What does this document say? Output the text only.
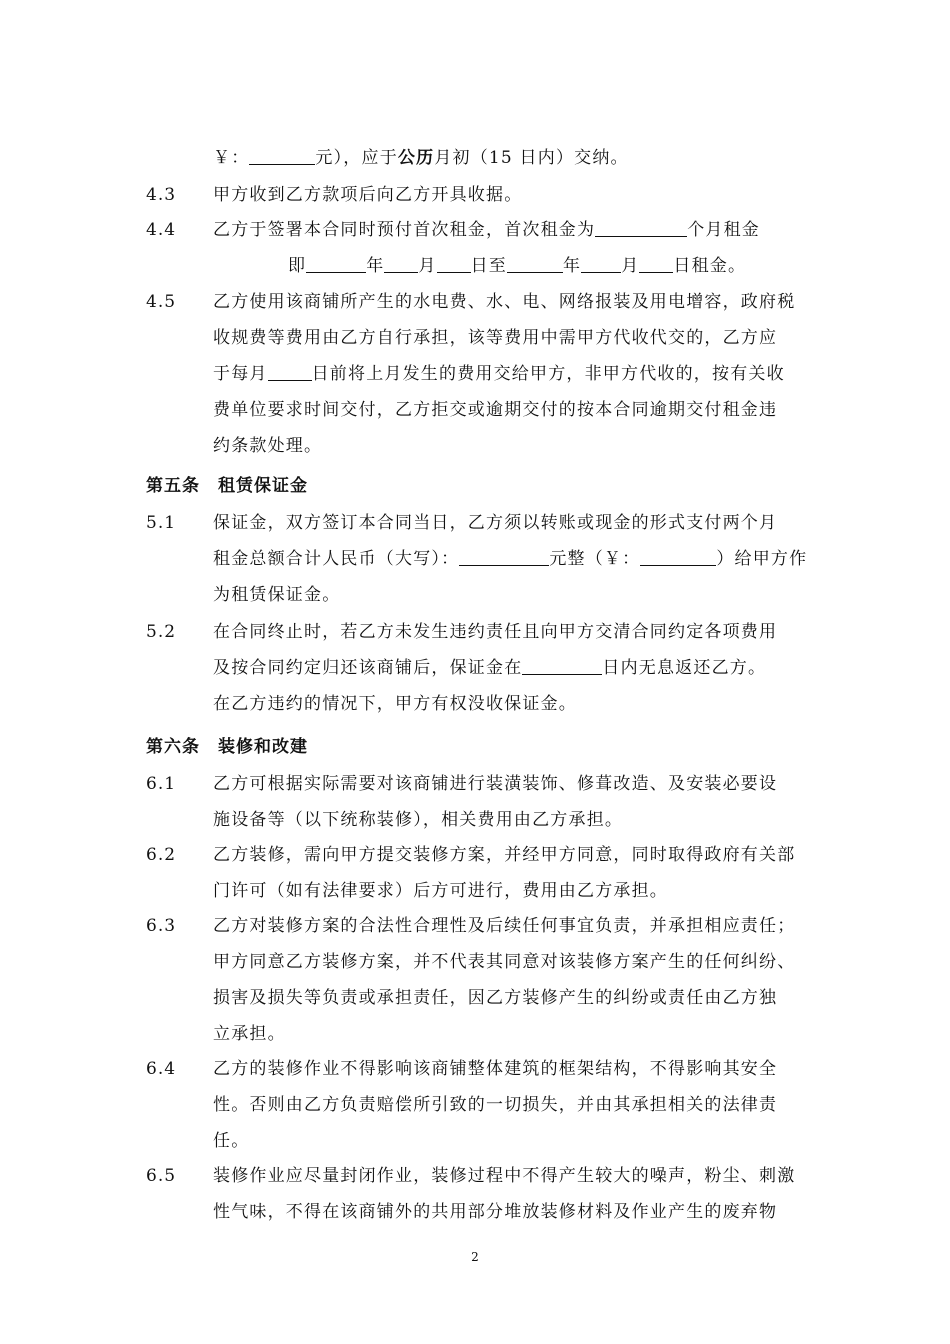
￥：	元），应于公历月初（15 日内）交纳。
4.3 甲方收到乙方款项后向乙方开具收据。
4.4 乙方于签署本合同时预付首次租金，首次租金为	个月租金
即	年 月 日至	年 月 日租金。
4.5 乙方使用该商铺所产生的水电费、水、电、网络报装及用电增容，政府税
收规费等费用由乙方自行承担，该等费用中需甲方代收代交的，乙方应
于每月	日前将上月发生的费用交给甲方，非甲方代收的，按有关收
费单位要求时间交付，乙方拒交或逾期交付的按本合同逾期交付租金违
约条款处理。
第五条 租赁保证金
5.1 保证金，双方签订本合同当日，乙方须以转账或现金的形式支付两个月
租金总额合计人民币（大写）：	元整（￥：	）给甲方作
为租赁保证金。
5.2 在合同终止时，若乙方未发生违约责任且向甲方交清合同约定各项费用
及按合同约定归还该商铺后，保证金在	日内无息返还乙方。
在乙方违约的情况下，甲方有权没收保证金。
第六条 装修和改建
6.1 乙方可根据实际需要对该商铺进行装潢装饰、修葺改造、及安装必要设
施设备等（以下统称装修），相关费用由乙方承担。
6.2 乙方装修，需向甲方提交装修方案，并经甲方同意，同时取得政府有关部
门许可（如有法律要求）后方可进行，费用由乙方承担。
6.3 乙方对装修方案的合法性合理性及后续任何事宜负责，并承担相应责任；
甲方同意乙方装修方案，并不代表其同意对该装修方案产生的任何纠纷、
损害及损失等负责或承担责任，因乙方装修产生的纠纷或责任由乙方独
立承担。
6.4 乙方的装修作业不得影响该商铺整体建筑的框架结构，不得影响其安全
性。否则由乙方负责赔偿所引致的一切损失，并由其承担相关的法律责
任。
6.5 装修作业应尽量封闭作业，装修过程中不得产生较大的噪声，粉尘、刺激
性气味，不得在该商铺外的共用部分堆放装修材料及作业产生的废弃物
2
